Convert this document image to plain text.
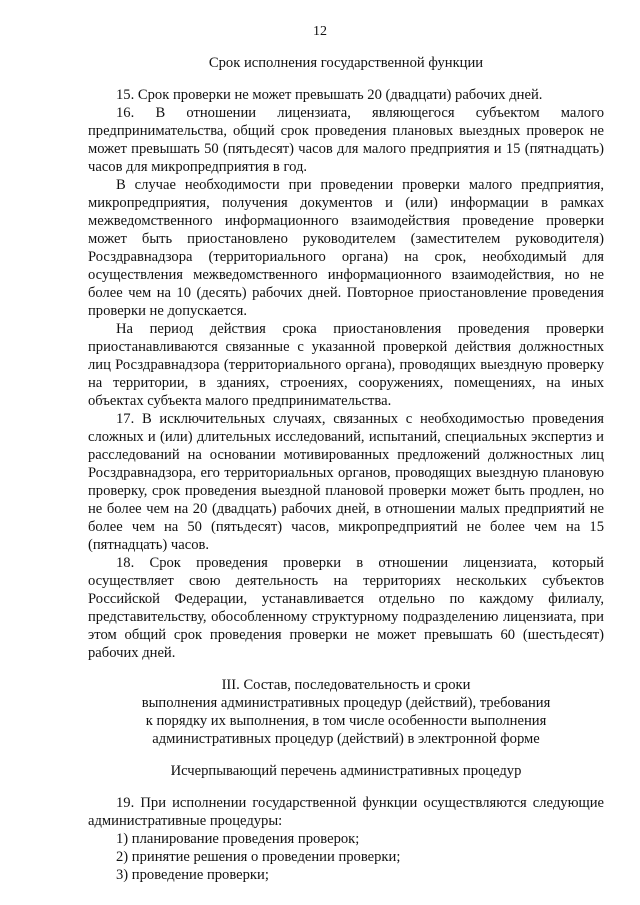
12

Срок исполнения государственной функции

15. Срок проверки не может превышать 20 (двадцати) рабочих дней.

16. В отношении лицензиата, являющегося субъектом малого предпринимательства, общий срок проведения плановых выездных проверок не может превышать 50 (пятьдесят) часов для малого предприятия и 15 (пятнадцать) часов для микропредприятия в год.

В случае необходимости при проведении проверки малого предприятия, микропредприятия, получения документов и (или) информации в рамках межведомственного информационного взаимодействия проведение проверки может быть приостановлено руководителем (заместителем руководителя) Росздравнадзора (территориального органа) на срок, необходимый для осуществления межведомственного информационного взаимодействия, но не более чем на 10 (десять) рабочих дней. Повторное приостановление проведения проверки не допускается.

На период действия срока приостановления проведения проверки приостанавливаются связанные с указанной проверкой действия должностных лиц Росздравнадзора (территориального органа), проводящих выездную проверку на территории, в зданиях, строениях, сооружениях, помещениях, на иных объектах субъекта малого предпринимательства.

17. В исключительных случаях, связанных с необходимостью проведения сложных и (или) длительных исследований, испытаний, специальных экспертиз и расследований на основании мотивированных предложений должностных лиц Росздравнадзора, его территориальных органов, проводящих выездную плановую проверку, срок проведения выездной плановой проверки может быть продлен, но не более чем на 20 (двадцать) рабочих дней, в отношении малых предприятий не более чем на 50 (пятьдесят) часов, микропредприятий не более чем на 15 (пятнадцать) часов.

18. Срок проведения проверки в отношении лицензиата, который осуществляет свою деятельность на территориях нескольких субъектов Российской Федерации, устанавливается отдельно по каждому филиалу, представительству, обособленному структурному подразделению лицензиата, при этом общий срок проведения проверки не может превышать 60 (шестьдесят) рабочих дней.

III. Состав, последовательность и сроки
выполнения административных процедур (действий), требования
к порядку их выполнения, в том числе особенности выполнения
административных процедур (действий) в электронной форме

Исчерпывающий перечень административных процедур

19. При исполнении государственной функции осуществляются следующие административные процедуры:

1) планирование проведения проверок;

2) принятие решения о проведении проверки;

3) проведение проверки;
